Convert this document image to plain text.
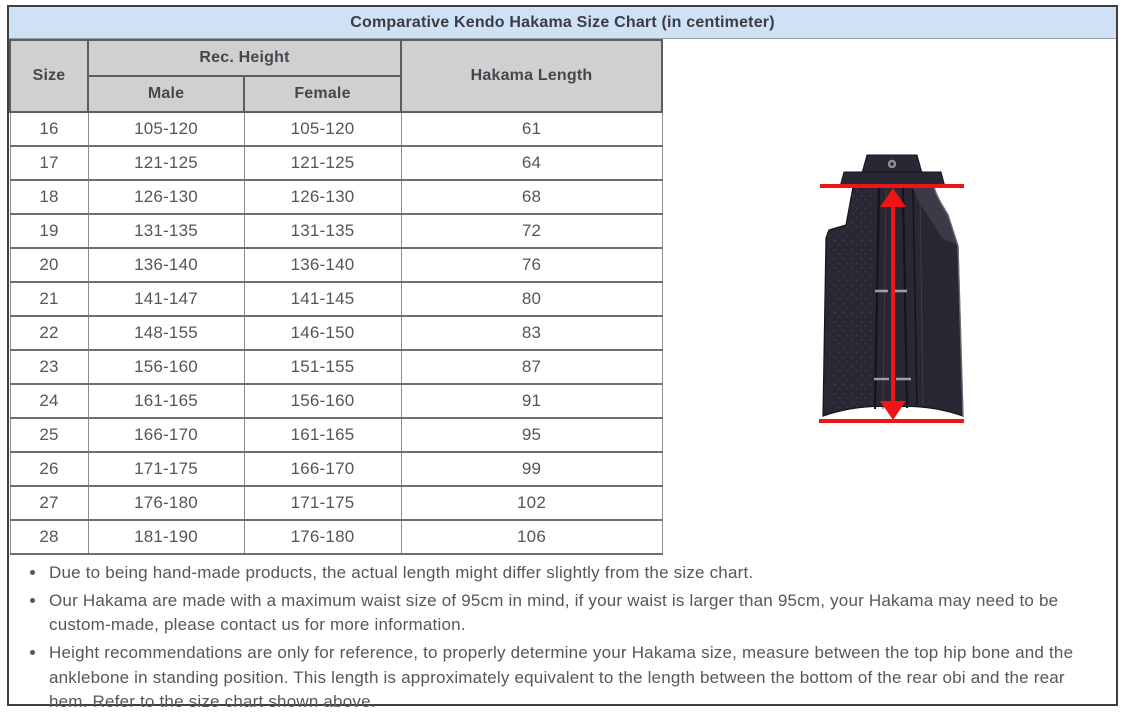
Comparative Kendo Hakama Size Chart (in centimeter)
Size	Rec. Height		Hakama Length
	Male	Female	
16	105-120	105-120	61
17	121-125	121-125	64
18	126-130	126-130	68
19	131-135	131-135	72
20	136-140	136-140	76
21	141-147	141-145	80
22	148-155	146-150	83
23	156-160	151-155	87
24	161-165	156-160	91
25	166-170	161-165	95
26	171-175	166-170	99
27	176-180	171-175	102
28	181-190	176-180	106
• Due to being hand-made products, the actual length might differ slightly from the size chart.
• Our Hakama are made with a maximum waist size of 95cm in mind, if your waist is larger than 95cm, your Hakama may need to be custom-made, please contact us for more information.
• Height recommendations are only for reference, to properly determine your Hakama size, measure between the top hip bone and the anklebone in standing position. This length is approximately equivalent to the length between the bottom of the rear obi and the rear hem. Refer to the size chart shown above.
